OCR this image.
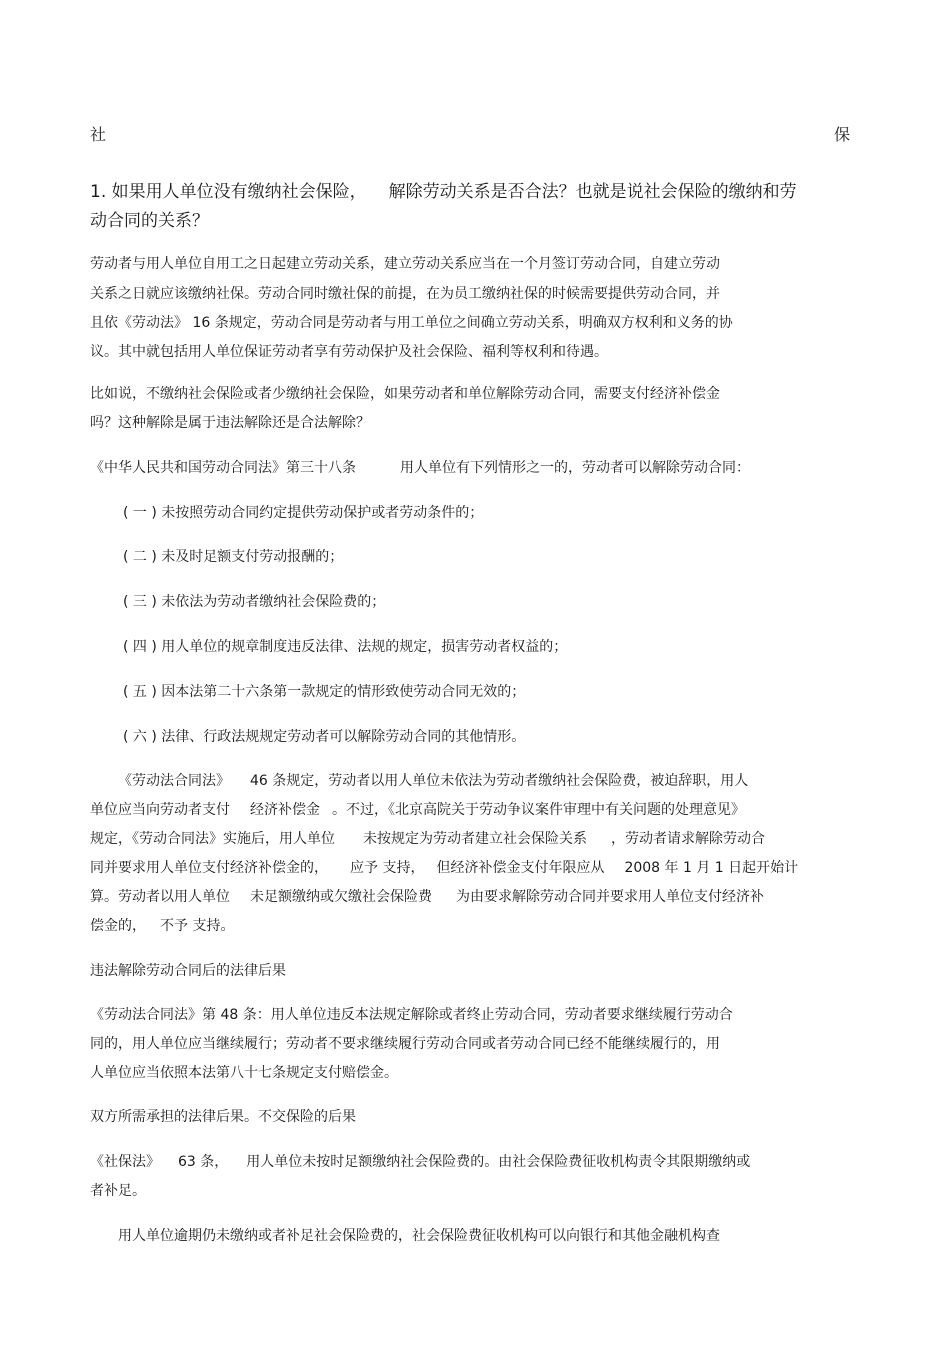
社	保
1. 如果用人单位没有缴纳社会保险， 解除劳动关系是否合法？也就是说社会保险的缴纳和劳
动合同的关系？
劳动者与用人单位自用工之日起建立劳动关系，建立劳动关系应当在一个月签订劳动合同，自建立劳动
关系之日就应该缴纳社保。劳动合同时缴社保的前提，在为员工缴纳社保的时候需要提供劳动合同，并
且依《劳动法》 16 条规定，劳动合同是劳动者与用工单位之间确立劳动关系，明确双方权利和义务的协
议。其中就包括用人单位保证劳动者享有劳动保护及社会保险、福利等权利和待遇。
比如说，不缴纳社会保险或者少缴纳社会保险，如果劳动者和单位解除劳动合同，需要支付经济补偿金
吗？这种解除是属于违法解除还是合法解除？
《中华人民共和国劳动合同法》第三十八条	用人单位有下列情形之一的，劳动者可以解除劳动合同：
( 一 ) 未按照劳动合同约定提供劳动保护或者劳动条件的；
( 二 ) 未及时足额支付劳动报酬的；
( 三 ) 未依法为劳动者缴纳社会保险费的；
( 四 ) 用人单位的规章制度违反法律、法规的规定，损害劳动者权益的；
( 五 ) 因本法第二十六条第一款规定的情形致使劳动合同无效的；
( 六 ) 法律、行政法规规定劳动者可以解除劳动合同的其他情形。
《劳动法合同法》 46 条规定，劳动者以用人单位未依法为劳动者缴纳社会保险费，被迫辞职，用人
单位应当向劳动者支付 经济补偿金 。不过，《北京高院关于劳动争议案件审理中有关问题的处理意见》
规定，《劳动合同法》实施后，用人单位 未按规定为劳动者建立社会保险关系 ，劳动者请求解除劳动合
同并要求用人单位支付经济补偿金的， 应予 支持， 但经济补偿金支付年限应从 2008 年 1 月 1 日起开始计
算。劳动者以用人单位 未足额缴纳或欠缴社会保险费 为由要求解除劳动合同并要求用人单位支付经济补
偿金的， 不予 支持。
违法解除劳动合同后的法律后果
《劳动法合同法》第 48 条：用人单位违反本法规定解除或者终止劳动合同，劳动者要求继续履行劳动合
同的，用人单位应当继续履行；劳动者不要求继续履行劳动合同或者劳动合同已经不能继续履行的，用
人单位应当依照本法第八十七条规定支付赔偿金。
双方所需承担的法律后果。不交保险的后果
《社保法》 63 条， 用人单位未按时足额缴纳社会保险费的。由社会保险费征收机构责令其限期缴纳或
者补足。
用人单位逾期仍未缴纳或者补足社会保险费的，社会保险费征收机构可以向银行和其他金融机构查
